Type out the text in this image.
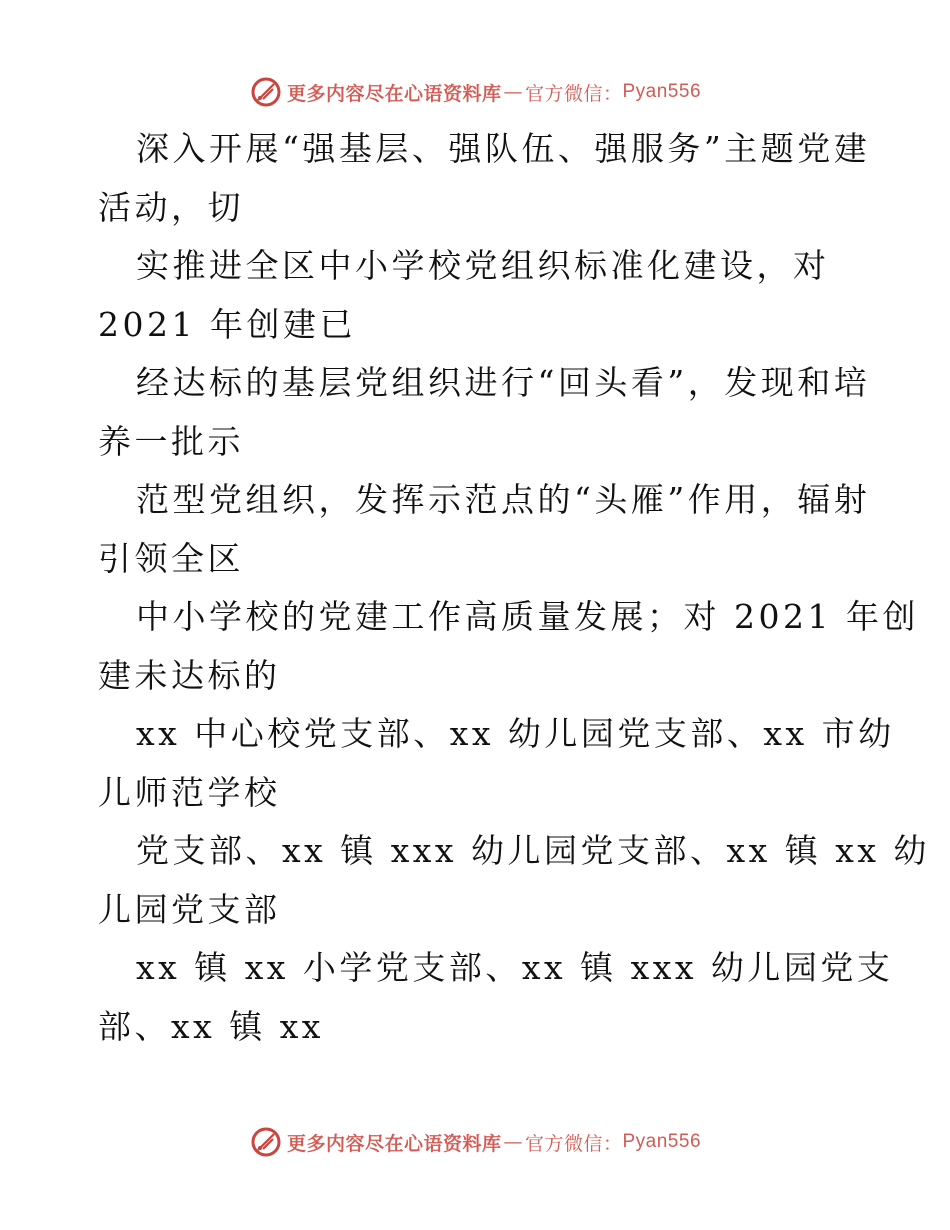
更多内容尽在心语资料库 — 官方微信： Pyan556
深入开展“强基层、强队伍、强服务”主题党建
活动，切
实推进全区中小学校党组织标准化建设，对
2021 年创建已
经达标的基层党组织进行“回头看”，发现和培
养一批示
范型党组织，发挥示范点的“头雁”作用，辐射
引领全区
中小学校的党建工作高质量发展；对 2021 年创
建未达标的
xx 中心校党支部、xx 幼儿园党支部、xx 市幼
儿师范学校
党支部、xx 镇 xxx 幼儿园党支部、xx 镇 xx 幼
儿园党支部
xx 镇 xx 小学党支部、xx 镇 xxx 幼儿园党支
部、xx 镇 xx
更多内容尽在心语资料库 — 官方微信： Pyan556
